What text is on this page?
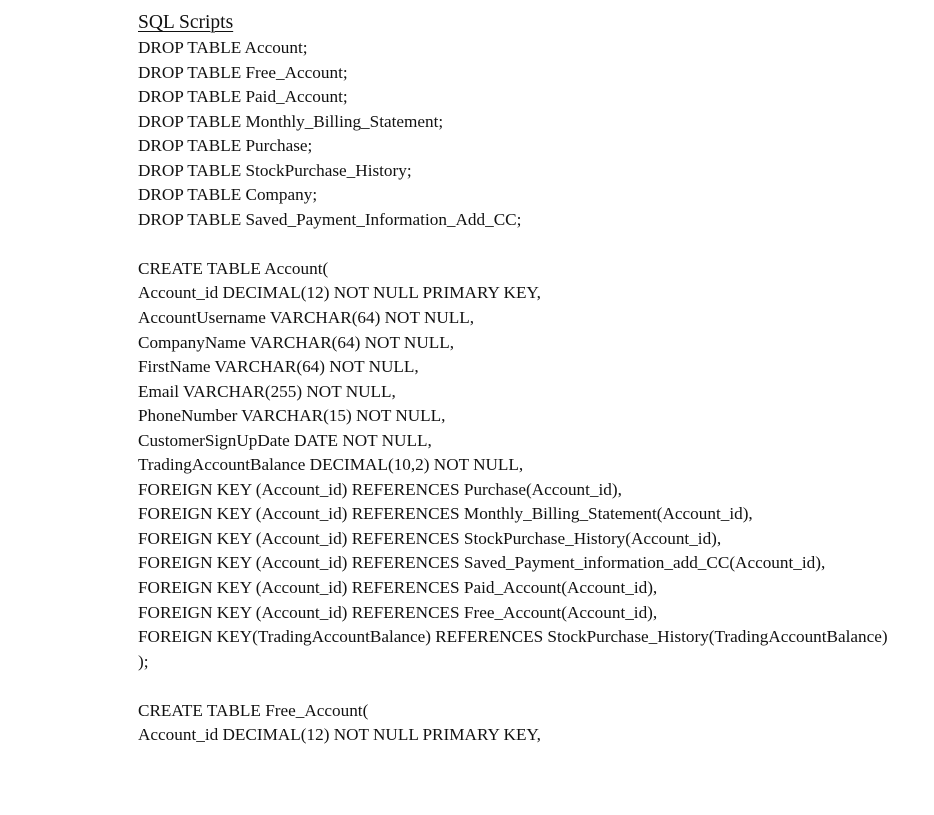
SQL Scripts
DROP TABLE Account;
DROP TABLE Free_Account;
DROP TABLE Paid_Account;
DROP TABLE Monthly_Billing_Statement;
DROP TABLE Purchase;
DROP TABLE StockPurchase_History;
DROP TABLE Company;
DROP TABLE Saved_Payment_Information_Add_CC;
CREATE TABLE Account(
Account_id DECIMAL(12) NOT NULL PRIMARY KEY,
AccountUsername VARCHAR(64) NOT NULL,
CompanyName VARCHAR(64) NOT NULL,
FirstName VARCHAR(64) NOT NULL,
Email VARCHAR(255) NOT NULL,
PhoneNumber VARCHAR(15) NOT NULL,
CustomerSignUpDate DATE NOT NULL,
TradingAccountBalance DECIMAL(10,2) NOT NULL,
FOREIGN KEY (Account_id) REFERENCES Purchase(Account_id),
FOREIGN KEY (Account_id) REFERENCES Monthly_Billing_Statement(Account_id),
FOREIGN KEY (Account_id) REFERENCES StockPurchase_History(Account_id),
FOREIGN KEY (Account_id) REFERENCES Saved_Payment_information_add_CC(Account_id),
FOREIGN KEY (Account_id) REFERENCES Paid_Account(Account_id),
FOREIGN KEY (Account_id) REFERENCES Free_Account(Account_id),
FOREIGN KEY(TradingAccountBalance) REFERENCES StockPurchase_History(TradingAccountBalance)
);
CREATE TABLE Free_Account(
Account_id DECIMAL(12) NOT NULL PRIMARY KEY,
